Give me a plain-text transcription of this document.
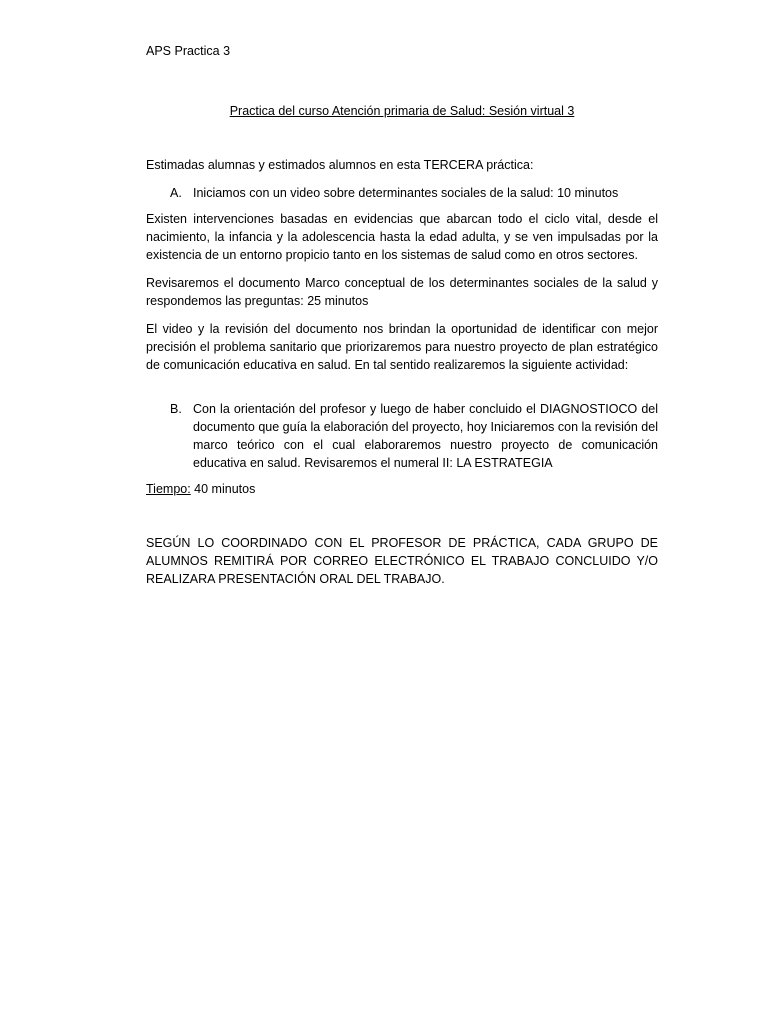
APS Practica 3
Practica del curso Atención primaria de Salud: Sesión virtual 3
Estimadas alumnas y estimados alumnos en esta TERCERA práctica:
A. Iniciamos con un video sobre determinantes sociales de la salud: 10 minutos
Existen intervenciones basadas en evidencias que abarcan todo el ciclo vital, desde el nacimiento, la infancia y la adolescencia hasta la edad adulta, y se ven impulsadas por la existencia de un entorno propicio tanto en los sistemas de salud como en otros sectores.
Revisaremos el documento Marco conceptual de los determinantes sociales de la salud y respondemos las preguntas: 25 minutos
El video y la revisión del documento nos brindan la oportunidad de identificar con mejor precisión el problema sanitario que priorizaremos para nuestro proyecto de plan estratégico de comunicación educativa en salud. En tal sentido realizaremos la siguiente actividad:
B. Con la orientación del profesor y luego de haber concluido el DIAGNOSTIOCO del documento que guía la elaboración del proyecto, hoy Iniciaremos con la revisión del marco teórico con el cual elaboraremos nuestro proyecto de comunicación educativa en salud. Revisaremos el numeral II: LA ESTRATEGIA
Tiempo: 40 minutos
SEGÚN LO COORDINADO CON EL PROFESOR DE PRÁCTICA, CADA GRUPO DE ALUMNOS REMITIRÁ POR CORREO ELECTRÓNICO EL TRABAJO CONCLUIDO Y/O REALIZARA PRESENTACIÓN ORAL DEL TRABAJO.
